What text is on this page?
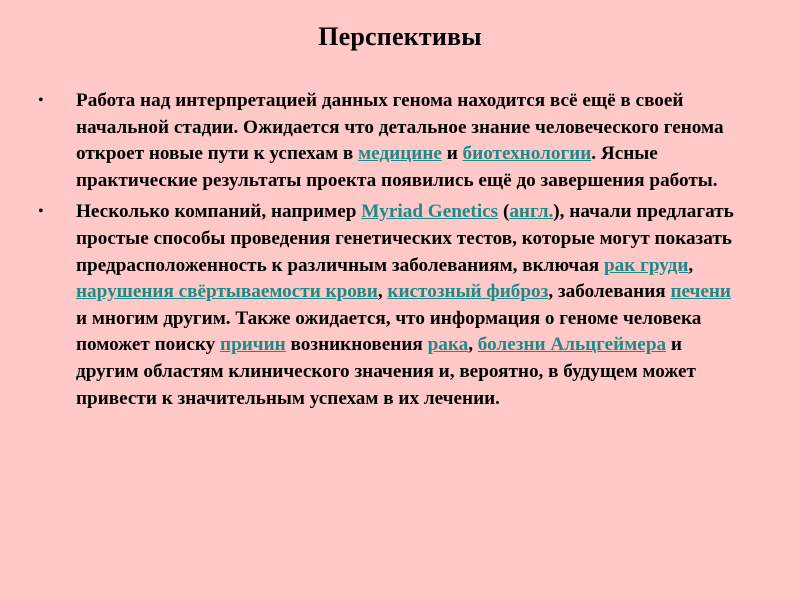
Перспективы
• Работа над интерпретацией данных генома находится всё ещё в своей начальной стадии. Ожидается что детальное знание человеческого генома откроет новые пути к успехам в медицине и биотехнологии. Ясные практические результаты проекта появились ещё до завершения работы.
• Несколько компаний, например Myriad Genetics (англ.), начали предлагать простые способы проведения генетических тестов, которые могут показать предрасположенность к различным заболеваниям, включая рак груди, нарушения свёртываемости крови, кистозный фиброз, заболевания печени и многим другим. Также ожидается, что информация о геноме человека поможет поиску причин возникновения рака, болезни Альцгеймера и другим областям клинического значения и, вероятно, в будущем может привести к значительным успехам в их лечении.
